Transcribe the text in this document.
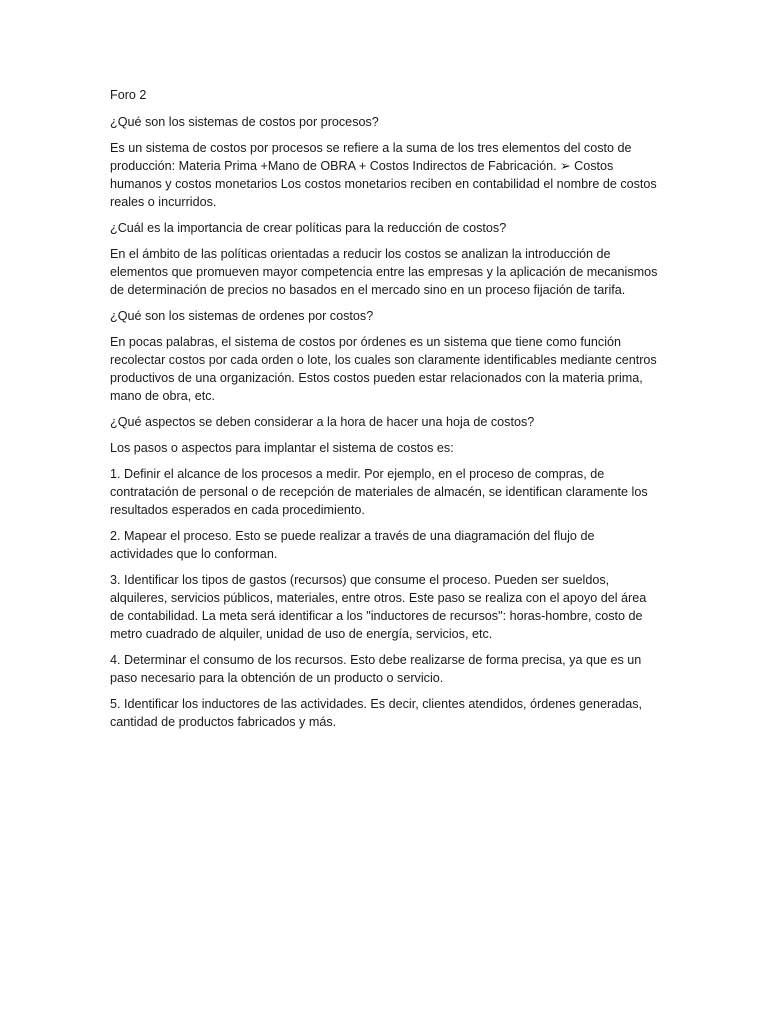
Foro 2

¿Qué son los sistemas de costos por procesos?

Es un sistema de costos por procesos se refiere a la suma de los tres elementos del costo de producción: Materia Prima +Mano de OBRA + Costos Indirectos de Fabricación. ➢ Costos humanos y costos monetarios Los costos monetarios reciben en contabilidad el nombre de costos reales o incurridos.

¿Cuál es la importancia de crear políticas para la reducción de costos?

En el ámbito de las políticas orientadas a reducir los costos se analizan la introducción de elementos que promueven mayor competencia entre las empresas y la aplicación de mecanismos de determinación de precios no basados en el mercado sino en un proceso fijación de tarifa.

¿Qué son los sistemas de ordenes por costos?

En pocas palabras, el sistema de costos por órdenes es un sistema que tiene como función recolectar costos por cada orden o lote, los cuales son claramente identificables mediante centros productivos de una organización. Estos costos pueden estar relacionados con la materia prima, mano de obra, etc.

¿Qué aspectos se deben considerar a la hora de hacer una hoja de costos?

Los pasos o aspectos para implantar el sistema de costos es:

1. Definir el alcance de los procesos a medir. Por ejemplo, en el proceso de compras, de contratación de personal o de recepción de materiales de almacén, se identifican claramente los resultados esperados en cada procedimiento.

2. Mapear el proceso. Esto se puede realizar a través de una diagramación del flujo de actividades que lo conforman.

3. Identificar los tipos de gastos (recursos) que consume el proceso. Pueden ser sueldos, alquileres, servicios públicos, materiales, entre otros. Este paso se realiza con el apoyo del área de contabilidad. La meta será identificar a los "inductores de recursos": horas-hombre, costo de metro cuadrado de alquiler, unidad de uso de energía, servicios, etc.

4. Determinar el consumo de los recursos. Esto debe realizarse de forma precisa, ya que es un paso necesario para la obtención de un producto o servicio.

5. Identificar los inductores de las actividades. Es decir, clientes atendidos, órdenes generadas, cantidad de productos fabricados y más.
